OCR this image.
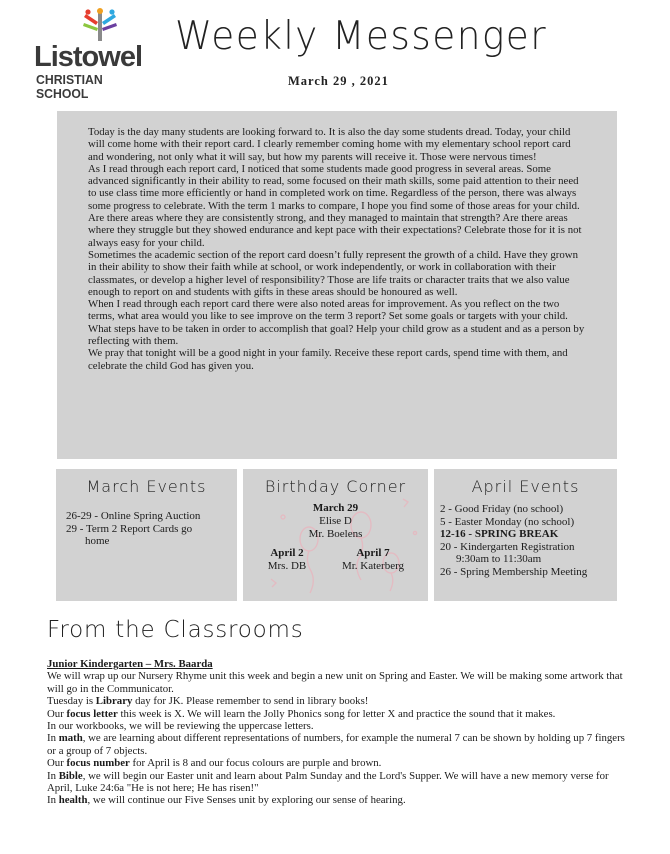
Listowel
CHRISTIAN SCHOOL
Weekly Messenger
March 29 , 2021

Today is the day many students are looking forward to. It is also the day some students dread. Today, your child will come home with their report card. I clearly remember coming home with my elementary school report card and wondering, not only what it will say, but how my parents will receive it. Those were nervous times!

As I read through each report card, I noticed that some students made good progress in several areas. Some advanced significantly in their ability to read, some focused on their math skills, some paid attention to their need to use class time more efficiently or hand in completed work on time. Regardless of the person, there was always some progress to celebrate. With the term 1 marks to compare, I hope you find some of those areas for your child. Are there areas where they are consistently strong, and they managed to maintain that strength? Are there areas where they struggle but they showed endurance and kept pace with their expectations? Celebrate those for it is not always easy for your child.

Sometimes the academic section of the report card doesn’t fully represent the growth of a child. Have they grown in their ability to show their faith while at school, or work independently, or work in collaboration with their classmates, or develop a higher level of responsibility? Those are life traits or character traits that we also value enough to report on and students with gifts in these areas should be honoured as well.

When I read through each report card there were also noted areas for improvement. As you reflect on the two terms, what area would you like to see improve on the term 3 report? Set some goals or targets with your child. What steps have to be taken in order to accomplish that goal? Help your child grow as a student and as a person by reflecting with them.

We pray that tonight will be a good night in your family. Receive these report cards, spend time with them, and celebrate the child God has given you.

March Events
26-29 - Online Spring Auction
29 - Term 2 Report Cards go
home
Birthday Corner
March 29
Elise D
Mr. Boelens
April 2
Mrs. DB
April 7
Mr. Katerberg
April Events
2 - Good Friday (no school)
5 - Easter Monday (no school)
12-16 - SPRING BREAK
20 - Kindergarten Registration
9:30am to 11:30am
26 - Spring Membership Meeting
From the Classrooms

Junior Kindergarten – Mrs. Baarda

We will wrap up our Nursery Rhyme unit this week and begin a new unit on Spring and Easter. We will be making some artwork that will go in the Communicator.

Tuesday is Library day for JK. Please remember to send in library books!

Our focus letter this week is X. We will learn the Jolly Phonics song for letter X and practice the sound that it makes.

In our workbooks, we will be reviewing the uppercase letters.

In math, we are learning about different representations of numbers, for example the numeral 7 can be shown by holding up 7 fingers or a group of 7 objects.

Our focus number for April is 8 and our focus colours are purple and brown.

In Bible, we will begin our Easter unit and learn about Palm Sunday and the Lord's Supper. We will have a new memory verse for April, Luke 24:6a "He is not here; He has risen!"

In health, we will continue our Five Senses unit by exploring our sense of hearing.
